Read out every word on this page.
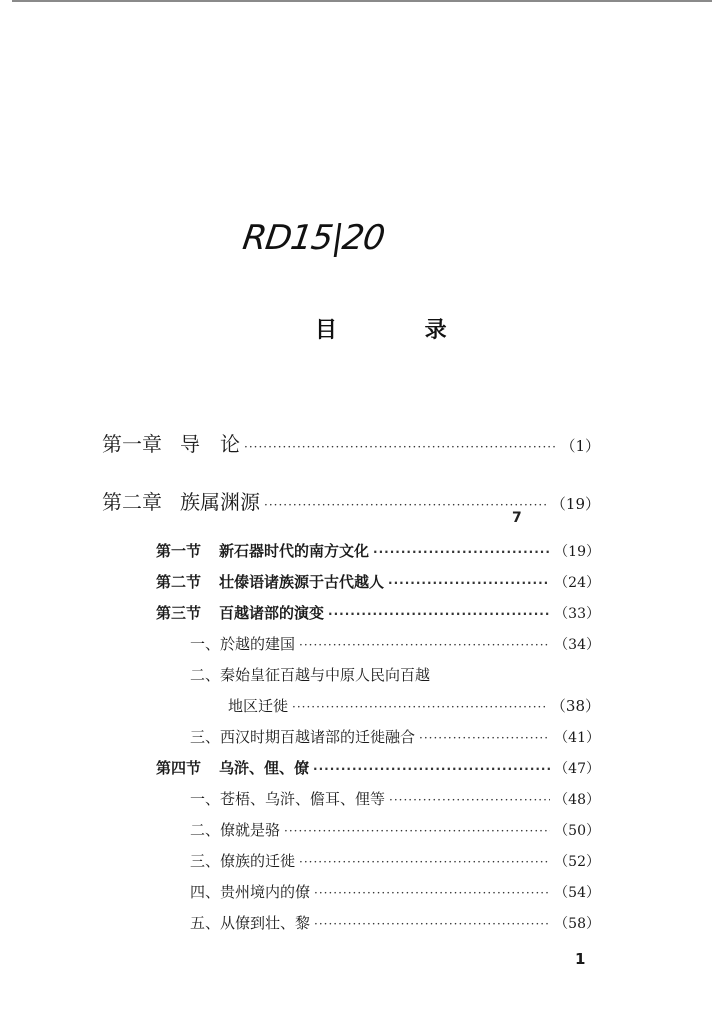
RD15|20
目 录
第一章 导　论 ·····	（1）
第二章 族属渊源 ·····	（19）
7
第一节 新石器时代的南方文化 ·····	（19）
第二节 壮傣语诸族源于古代越人 ·····	（24）
第三节 百越诸部的演变 ·····	（33）
一、於越的建国 ·····	（34）
二、秦始皇征百越与中原人民向百越
地区迁徙 ·····	（38）
三、西汉时期百越诸部的迁徙融合 ·····	（41）
第四节 乌浒、俚、僚 ·····	（47）
一、苍梧、乌浒、儋耳、俚等 ·····	（48）
二、僚就是骆 ·····	（50）
三、僚族的迁徙 ·····	（52）
四、贵州境内的僚 ·····	（54）
五、从僚到壮、黎 ·····	（58）
1
